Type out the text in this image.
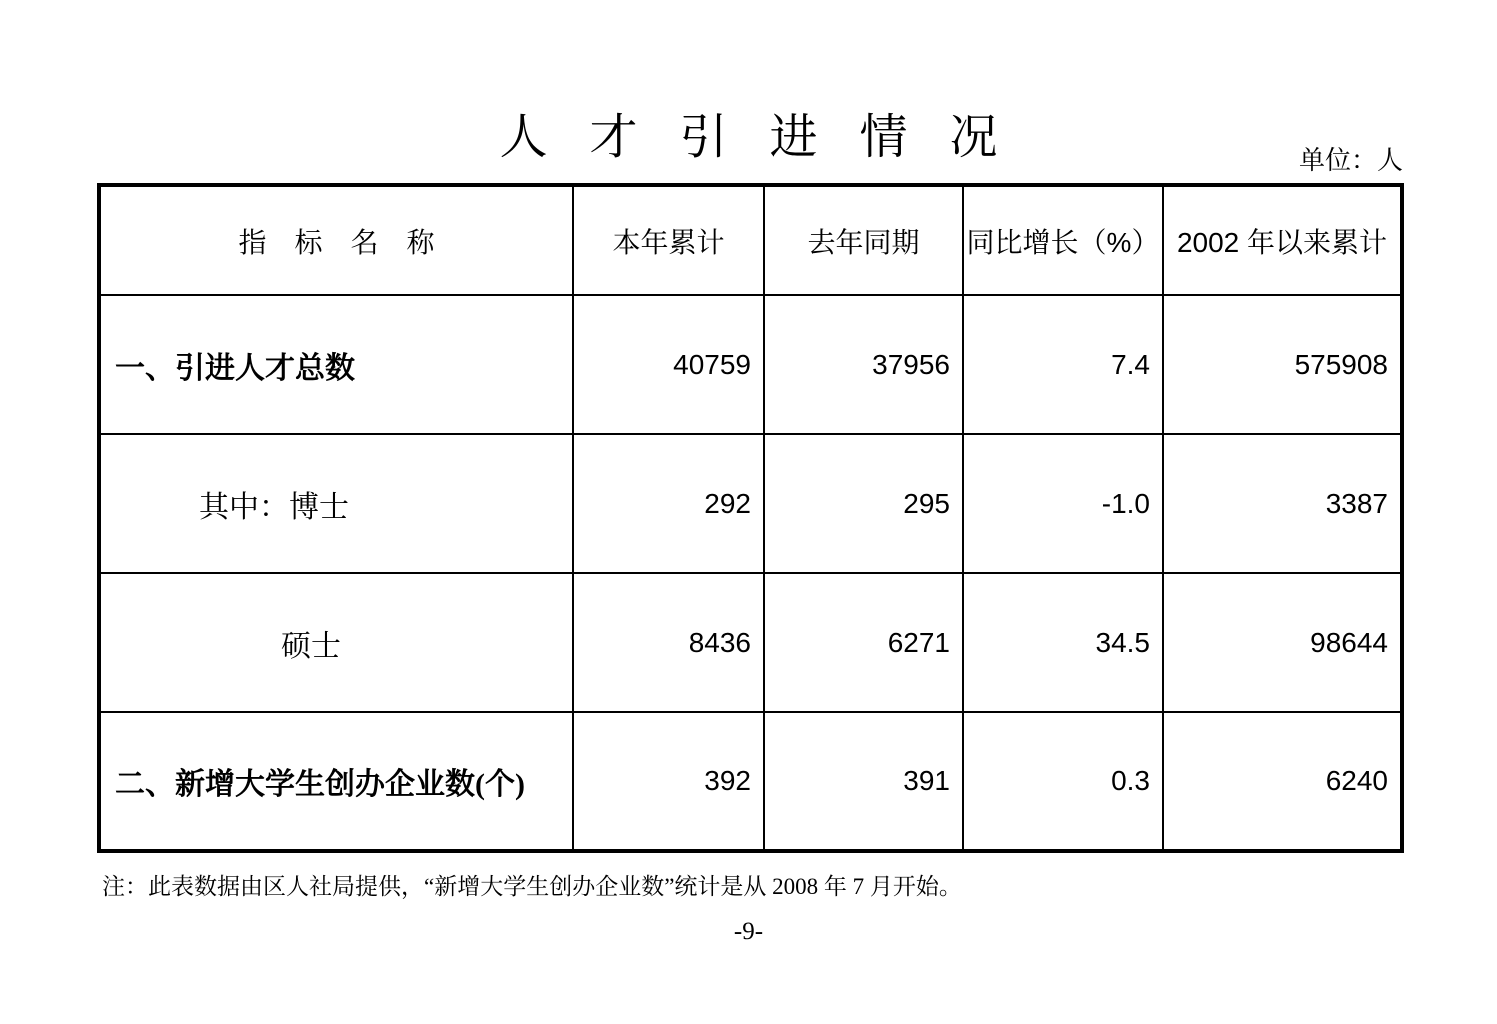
人才引进情况	单位：人
指　标　名　称	本年累计	去年同期	同比增长（%）	2002 年以来累计
一、引进人才总数	40759	37956	7.4	575908
其中：博士	292	295	-1.0	3387
硕士	8436	6271	34.5	98644
二、新增大学生创办企业数(个)	392	391	0.3	6240
注：此表数据由区人社局提供，“新增大学生创办企业数”统计是从 2008 年 7 月开始。
-9-
